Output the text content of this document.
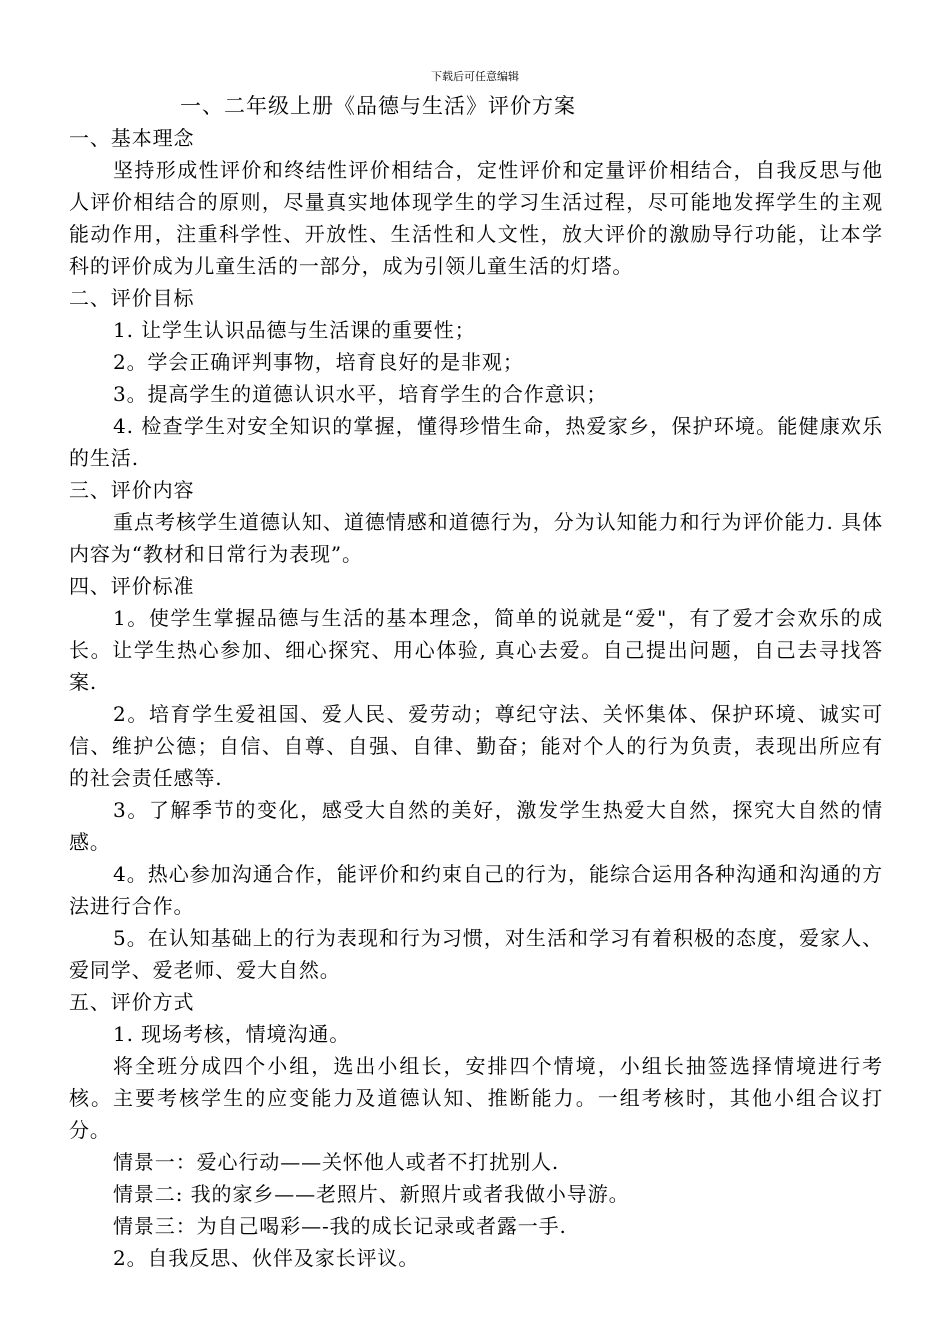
下载后可任意编辑
一、二年级上册《品德与生活》评价方案

一、基本理念

坚持形成性评价和终结性评价相结合，定性评价和定量评价相结合，自我反思与他人评价相结合的原则，尽量真实地体现学生的学习生活过程，尽可能地发挥学生的主观能动作用，注重科学性、开放性、生活性和人文性，放大评价的激励导行功能，让本学科的评价成为儿童生活的一部分，成为引领儿童生活的灯塔。

二、评价目标

1. 让学生认识品德与生活课的重要性；

2。学会正确评判事物，培育良好的是非观；

3。提高学生的道德认识水平，培育学生的合作意识；

4. 检查学生对安全知识的掌握，懂得珍惜生命，热爱家乡，保护环境。能健康欢乐的生活.

三、评价内容

重点考核学生道德认知、道德情感和道德行为，分为认知能力和行为评价能力. 具体内容为“教材和日常行为表现”。

四、评价标准

1。使学生掌握品德与生活的基本理念，简单的说就是“爱"，有了爱才会欢乐的成长。让学生热心参加、细心探究、用心体验, 真心去爱。自己提出问题，自己去寻找答案.

2。培育学生爱祖国、爱人民、爱劳动；尊纪守法、关怀集体、保护环境、诚实可信、维护公德；自信、自尊、自强、自律、勤奋；能对个人的行为负责，表现出所应有的社会责任感等.

3。了解季节的变化，感受大自然的美好，激发学生热爱大自然，探究大自然的情感。

4。热心参加沟通合作，能评价和约束自己的行为，能综合运用各种沟通和沟通的方法进行合作。

5。在认知基础上的行为表现和行为习惯，对生活和学习有着积极的态度，爱家人、爱同学、爱老师、爱大自然。

五、评价方式

1. 现场考核，情境沟通。

将全班分成四个小组，选出小组长，安排四个情境，小组长抽签选择情境进行考核。主要考核学生的应变能力及道德认知、推断能力。一组考核时，其他小组合议打分。

情景一：爱心行动——关怀他人或者不打扰别人.

情景二: 我的家乡——老照片、新照片或者我做小导游。

情景三：为自己喝彩—-我的成长记录或者露一手.

2。自我反思、伙伴及家长评议。
